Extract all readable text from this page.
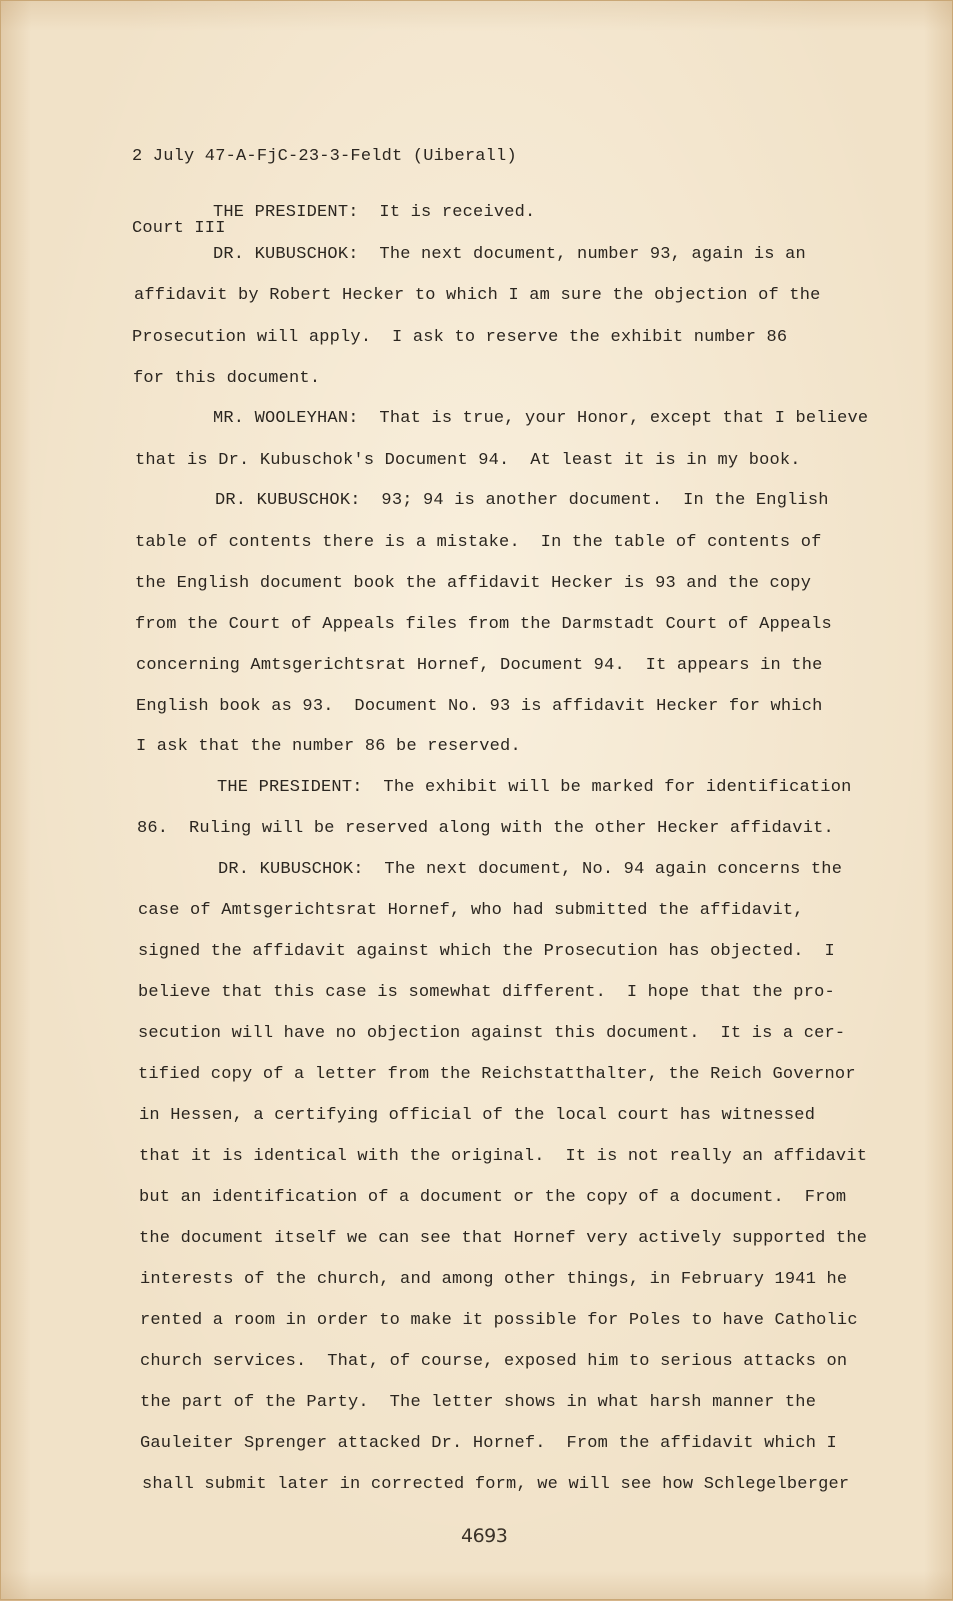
2 July 47-A-FjC-23-3-Feldt (Uiberall)

Court III

THE PRESIDENT:  It is received.

DR. KUBUSCHOK:  The next document, number 93, again is an

affidavit by Robert Hecker to which I am sure the objection of the

Prosecution will apply.  I ask to reserve the exhibit number 86

for this document.

MR. WOOLEYHAN:  That is true, your Honor, except that I believe

that is Dr. Kubuschok's Document 94.  At least it is in my book.

DR. KUBUSCHOK:  93; 94 is another document.  In the English

table of contents there is a mistake.  In the table of contents of

the English document book the affidavit Hecker is 93 and the copy

from the Court of Appeals files from the Darmstadt Court of Appeals

concerning Amtsgerichtsrat Hornef, Document 94.  It appears in the

English book as 93.  Document No. 93 is affidavit Hecker for which

I ask that the number 86 be reserved.

THE PRESIDENT:  The exhibit will be marked for identification

86.  Ruling will be reserved along with the other Hecker affidavit.

DR. KUBUSCHOK:  The next document, No. 94 again concerns the

case of Amtsgerichtsrat Hornef, who had submitted the affidavit,

signed the affidavit against which the Prosecution has objected.  I

believe that this case is somewhat different.  I hope that the pro-

secution will have no objection against this document.  It is a cer-

tified copy of a letter from the Reichstatthalter, the Reich Governor

in Hessen, a certifying official of the local court has witnessed

that it is identical with the original.  It is not really an affidavit

but an identification of a document or the copy of a document.  From

the document itself we can see that Hornef very actively supported the

interests of the church, and among other things, in February 1941 he

rented a room in order to make it possible for Poles to have Catholic

church services.  That, of course, exposed him to serious attacks on

the part of the Party.  The letter shows in what harsh manner the

Gauleiter Sprenger attacked Dr. Hornef.  From the affidavit which I

shall submit later in corrected form, we will see how Schlegelberger

4693
